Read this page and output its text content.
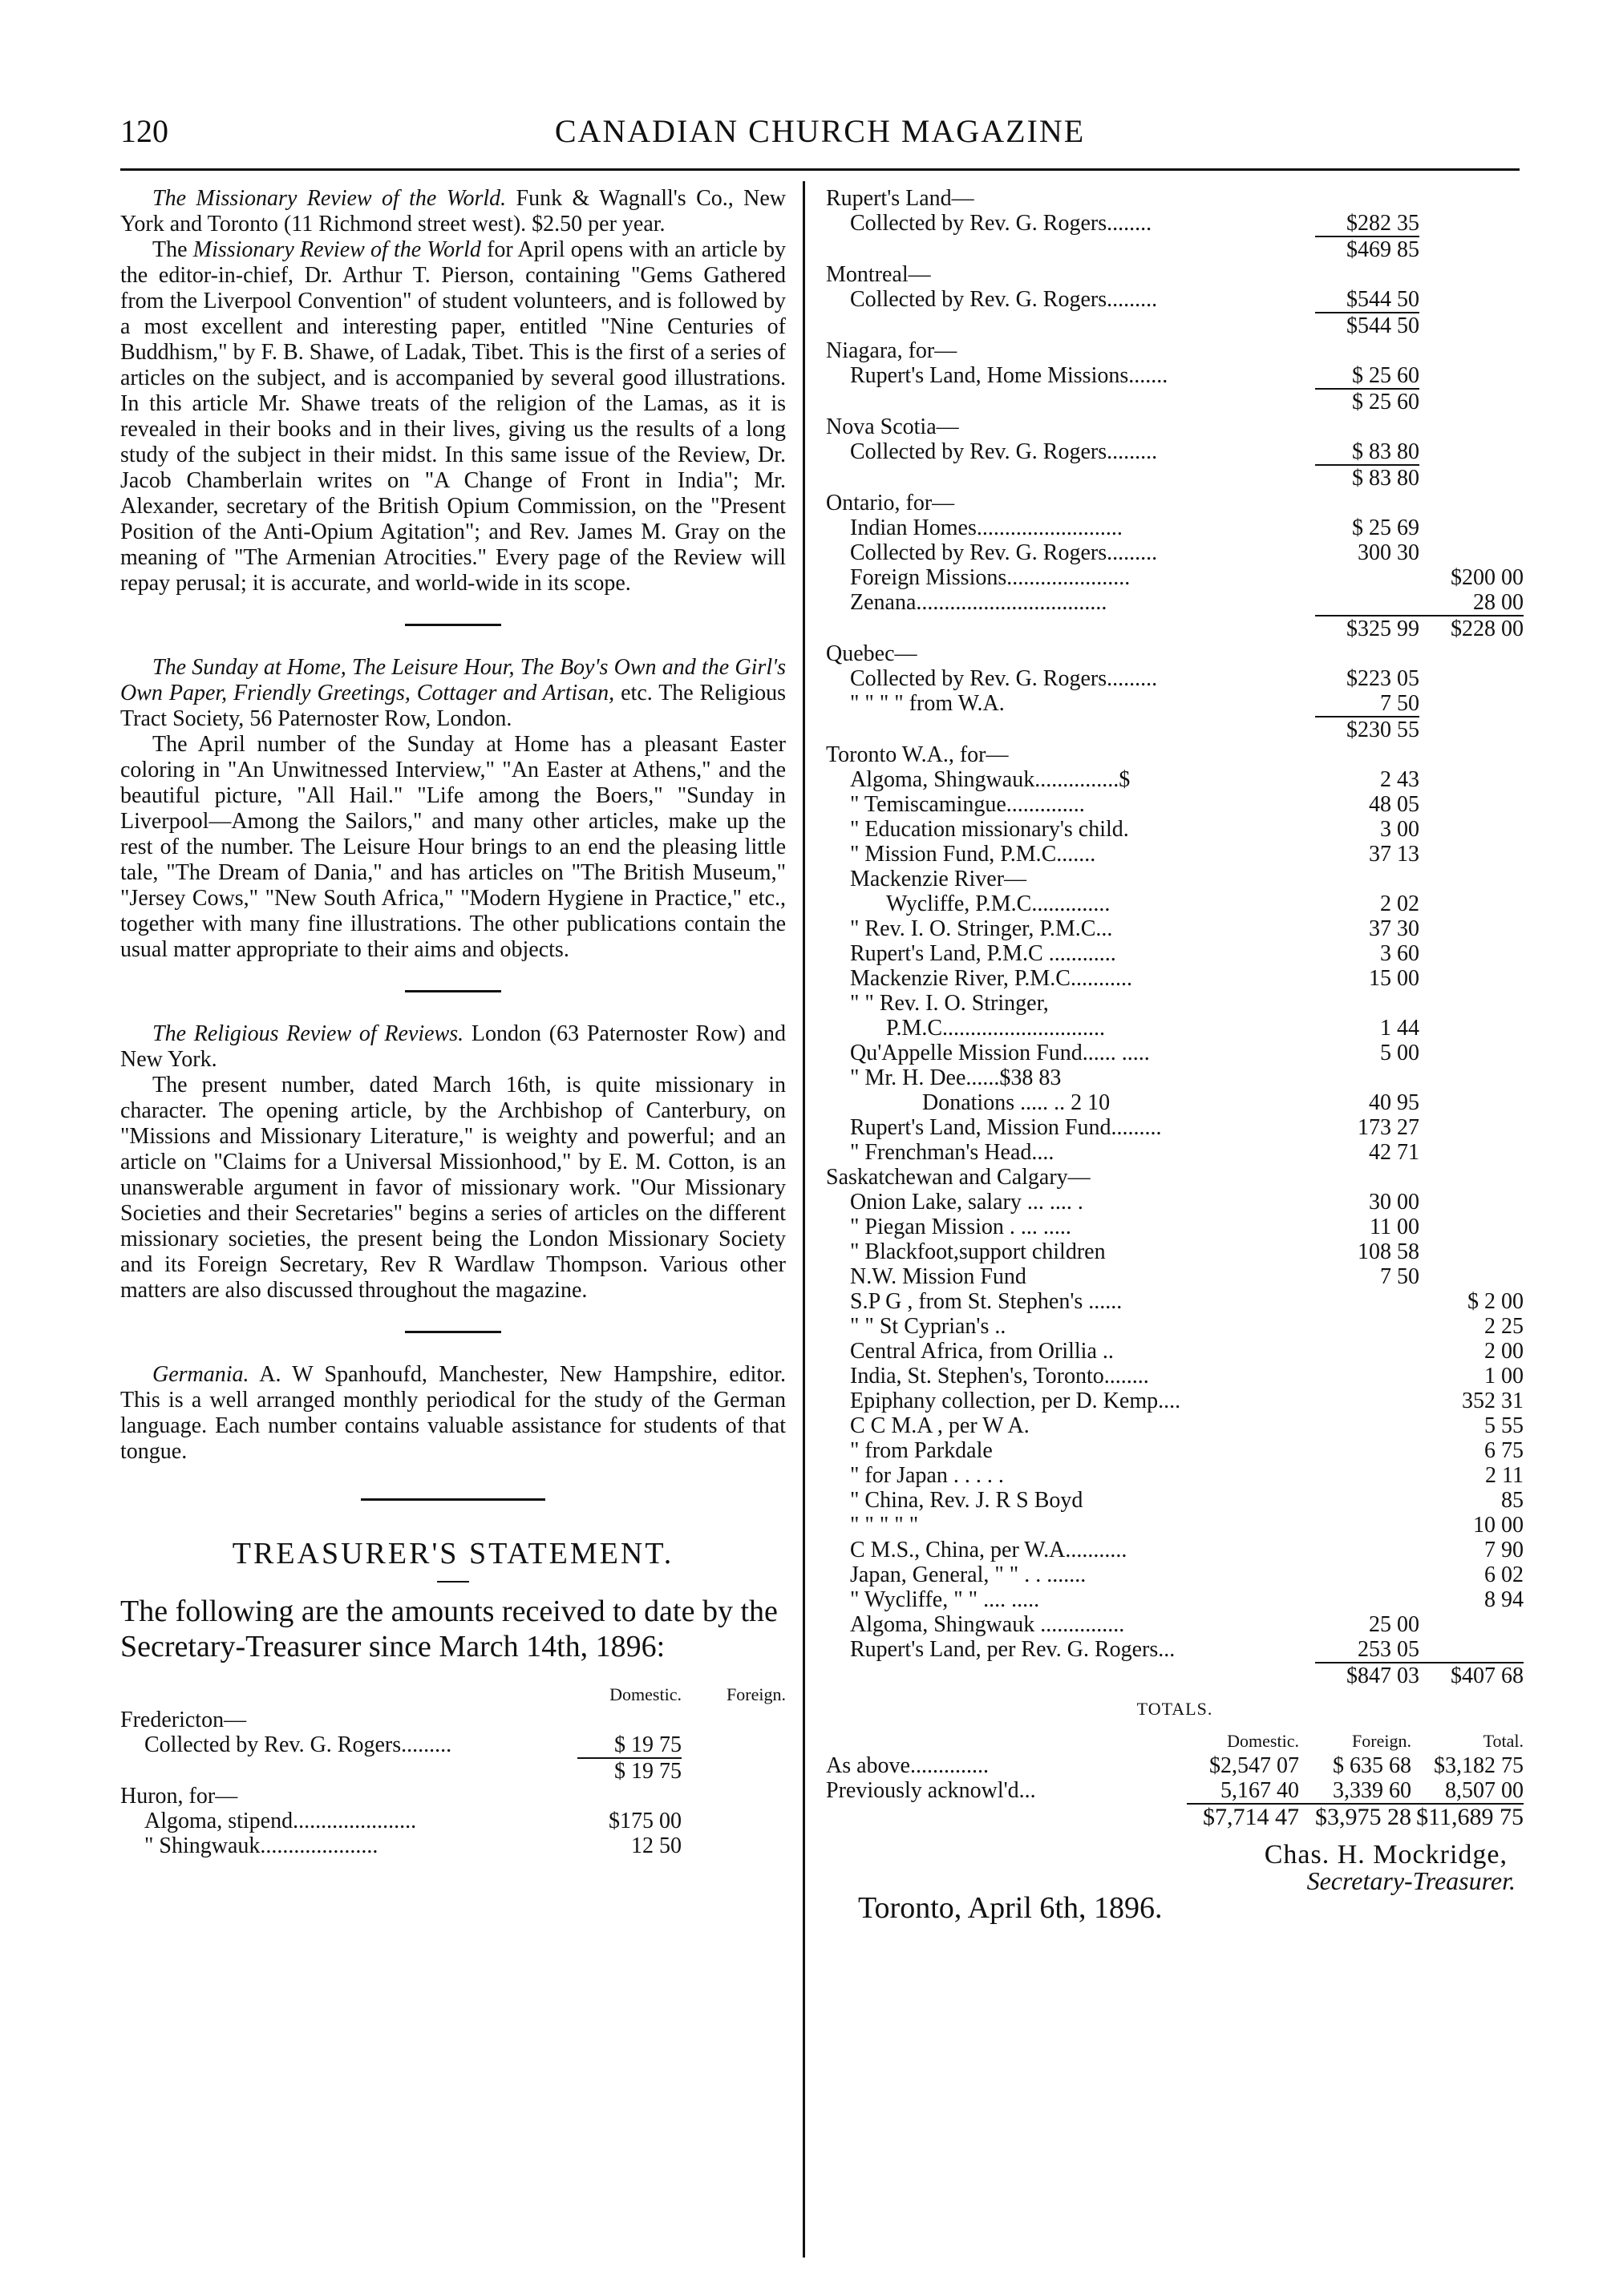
120	CANADIAN CHURCH MAGAZINE

The Missionary Review of the World. Funk & Wagnall's Co., New York and Toronto (11 Richmond street west). $2.50 per year.

The Missionary Review of the World for April opens with an article by the editor-in-chief, Dr. Arthur T. Pierson, containing "Gems Gathered from the Liverpool Convention" of student volunteers, and is followed by a most excellent and interesting paper, entitled "Nine Centuries of Buddhism," by F. B. Shawe, of Ladak, Tibet. This is the first of a series of articles on the subject, and is accompanied by several good illustrations. In this article Mr. Shawe treats of the religion of the Lamas, as it is revealed in their books and in their lives, giving us the results of a long study of the subject in their midst. In this same issue of the Review, Dr. Jacob Chamberlain writes on "A Change of Front in India"; Mr. Alexander, secretary of the British Opium Commission, on the "Present Position of the Anti-Opium Agitation"; and Rev. James M. Gray on the meaning of "The Armenian Atrocities." Every page of the Review will repay perusal; it is accurate, and world-wide in its scope.

The Sunday at Home, The Leisure Hour, The Boy's Own and the Girl's Own Paper, Friendly Greetings, Cottager and Artisan, etc. The Religious Tract Society, 56 Paternoster Row, London.

The April number of the Sunday at Home has a pleasant Easter coloring in "An Unwitnessed Interview," "An Easter at Athens," and the beautiful picture, "All Hail." "Life among the Boers," "Sunday in Liverpool—Among the Sailors," and many other articles, make up the rest of the number. The Leisure Hour brings to an end the pleasing little tale, "The Dream of Dania," and has articles on "The British Museum," "Jersey Cows," "New South Africa," "Modern Hygiene in Practice," etc., together with many fine illustrations. The other publications contain the usual matter appropriate to their aims and objects.

The Religious Review of Reviews. London (63 Paternoster Row) and New York.

The present number, dated March 16th, is quite missionary in character. The opening article, by the Archbishop of Canterbury, on "Missions and Missionary Literature," is weighty and powerful; and an article on "Claims for a Universal Missionhood," by E. M. Cotton, is an unanswerable argument in favor of missionary work. "Our Missionary Societies and their Secretaries" begins a series of articles on the different missionary societies, the present being the London Missionary Society and its Foreign Secretary, Rev R Wardlaw Thompson. Various other matters are also discussed throughout the magazine.

Germania. A. W Spanhoufd, Manchester, New Hampshire, editor. This is a well arranged monthly periodical for the study of the German language. Each number contains valuable assistance for students of that tongue.

TREASURER'S STATEMENT.

The following are the amounts received to date by the Secretary-Treasurer since March 14th, 1896:

Domestic.	Foreign.
Fredericton—		
Collected by Rev. G. Rogers.........	$ 19 75	
	$ 19 75	
Huron, for—		
Algoma, stipend......................	$175 00	
" Shingwauk.....................	12 50	
Rupert's Land—		
Collected by Rev. G. Rogers........	$282 35	
	$469 85	
Montreal—		
Collected by Rev. G. Rogers.........	$544 50	
	$544 50	
Niagara, for—		
Rupert's Land, Home Missions.......	$ 25 60	
	$ 25 60	
Nova Scotia—		
Collected by Rev. G. Rogers.........	$ 83 80	
	$ 83 80	
Ontario, for—		
Indian Homes..........................	$ 25 69	
Collected by Rev. G. Rogers.........	300 30	
Foreign Missions......................		$200 00
Zenana..................................		28 00
	$325 99	$228 00
Quebec—		
Collected by Rev. G. Rogers.........	$223 05	
" " " " from W.A.	7 50	
	$230 55	
Toronto W.A., for—		
Algoma, Shingwauk...............$	2 43	
" Temiscamingue..............	48 05	
" Education missionary's child.	3 00	
" Mission Fund, P.M.C.......	37 13	
Mackenzie River—		
Wycliffe, P.M.C..............	2 02	
" Rev. I. O. Stringer, P.M.C...	37 30	
Rupert's Land, P.M.C ............	3 60	
Mackenzie River, P.M.C...........	15 00	
" " Rev. I. O. Stringer,		
P.M.C.............................	1 44	
Qu'Appelle Mission Fund...... .....	5 00	
" Mr. H. Dee......$38 83		
Donations ..... .. 2 10	40 95	
Rupert's Land, Mission Fund.........	173 27	
" Frenchman's Head....	42 71	
Saskatchewan and Calgary—		
Onion Lake, salary ... .... .	30 00	
" Piegan Mission . ... .....	11 00	
" Blackfoot,support children	108 58	
N.W. Mission Fund	7 50	
S.P G , from St. Stephen's ......		$ 2 00
" " St Cyprian's ..		2 25
Central Africa, from Orillia ..		2 00
India, St. Stephen's, Toronto........		1 00
Epiphany collection, per D. Kemp....		352 31
C C M.A , per W A.		5 55
" from Parkdale		6 75
" for Japan . . . . .		2 11
" China, Rev. J. R S Boyd		85
" " " " "		10 00
C M.S., China, per W.A...........		7 90
Japan, General, " " . . .......		6 02
" Wycliffe, " " .... .....		8 94
Algoma, Shingwauk ...............	25 00	
Rupert's Land, per Rev. G. Rogers...	253 05	
	$847 03	$407 68
TOTALS.
	Domestic.	Foreign.	Total.
As above..............	$2,547 07	$ 635 68	$3,182 75
Previously acknowl'd...	5,167 40	3,339 60	8,507 00
	$7,714 47	$3,975 28	$11,689 75
Chas. H. Mockridge,
Secretary-Treasurer.
Toronto, April 6th, 1896.
